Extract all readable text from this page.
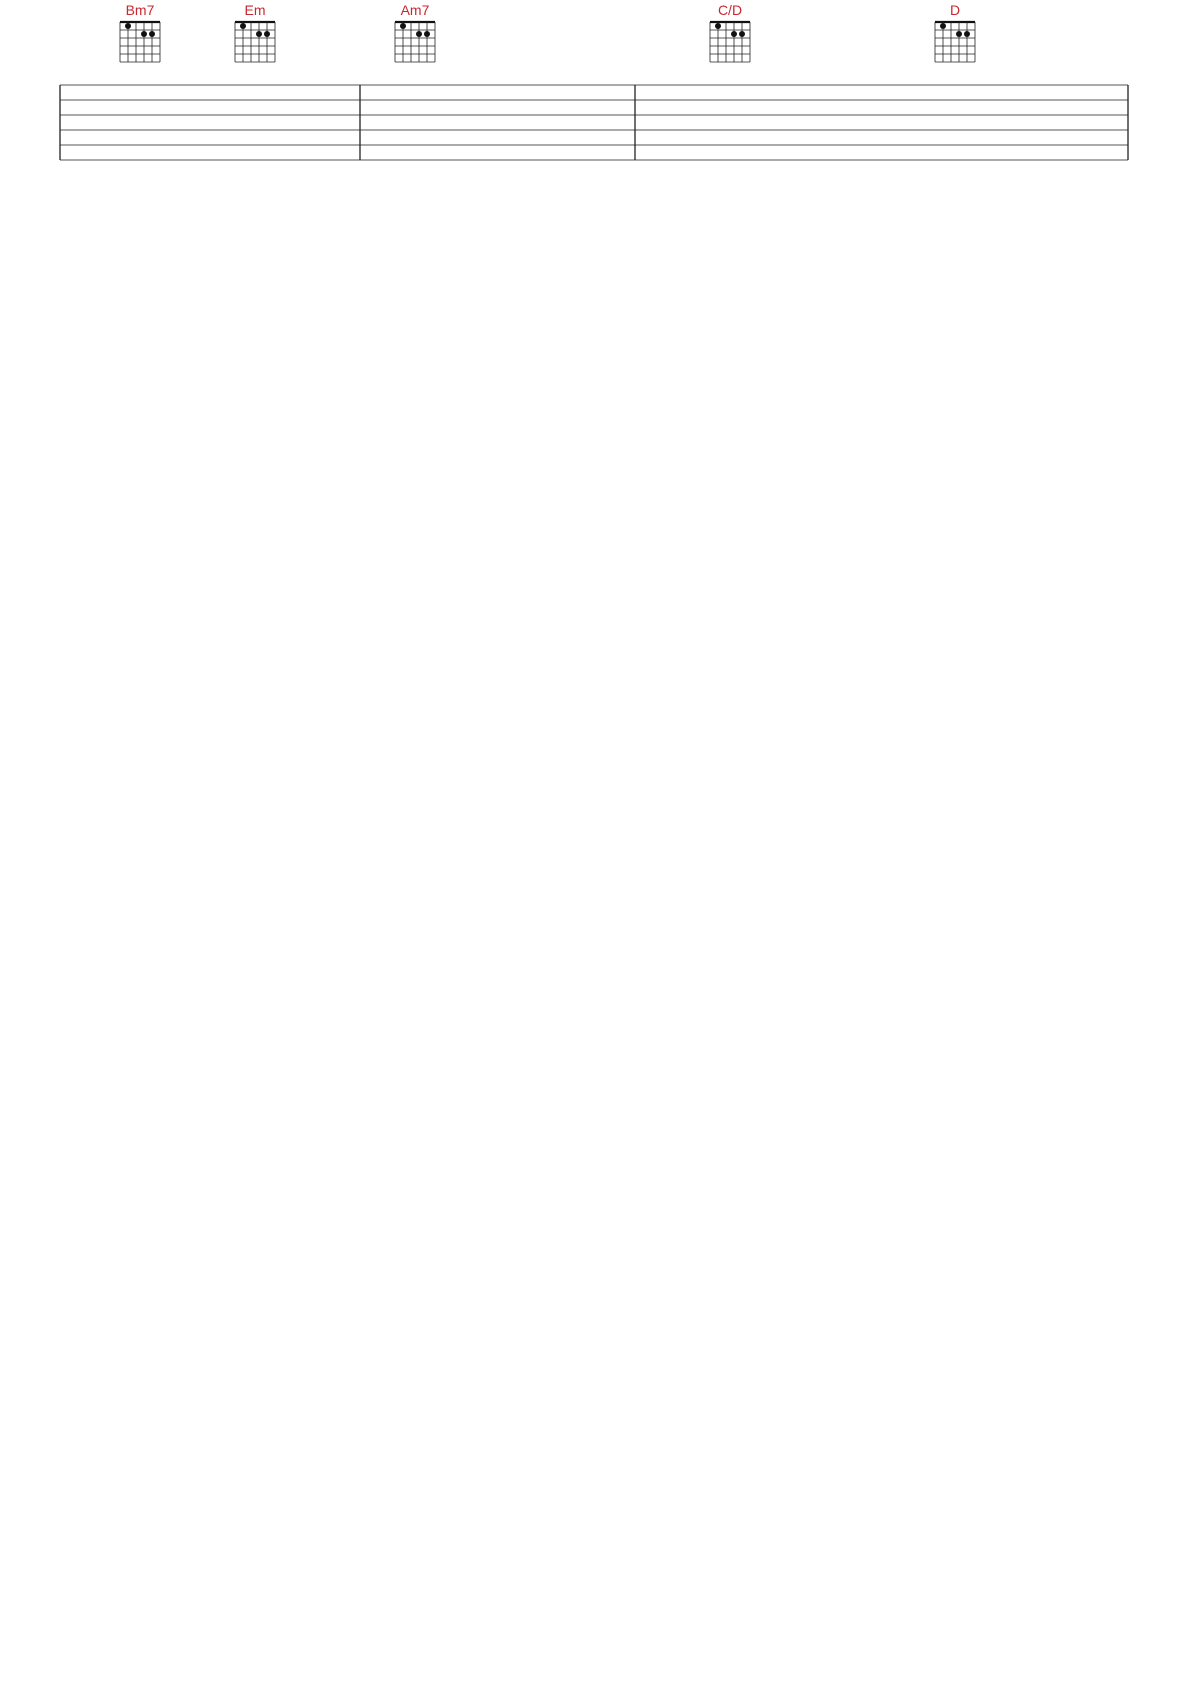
Bm7	Em	Am7	C/D	D
